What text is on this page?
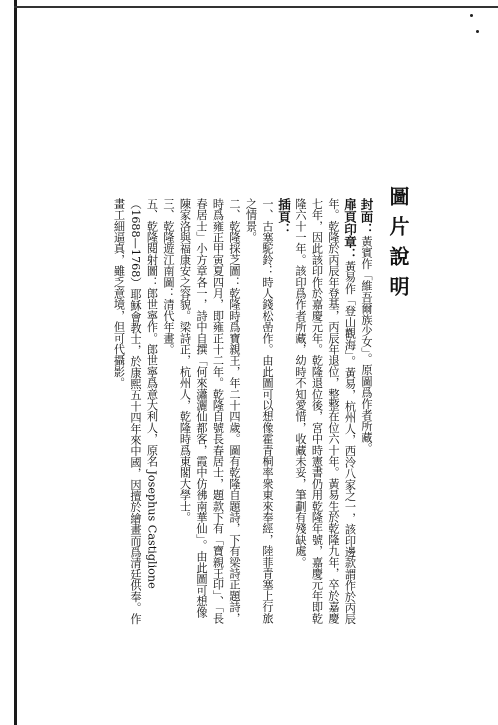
圖片說明

封面：黃賓作「維吾爾族少女」。原圖爲作者所藏。

扉頁印章：黃易作「登山觀海」。黃易，杭州人，西泠八家之一，該印邊款謂作於丙辰年。乾隆於丙辰年登基，丙辰年退位，整整在位六十年。黃易生於乾隆九年，卒於嘉慶七年，因此該印作於嘉慶元年。乾隆退位後，宮中時憲書仍用乾隆年號，嘉慶元年即乾隆六十一年。該印爲作者所藏，幼時不知愛惜，收藏未妥，筆劃有殘缺處。

插頁：

一、古塞駝鈴：時人錢松嵒作。由此圖可以想像霍青桐率衆東來奉經，陸菲青塞上行旅之情景。

二、乾隆採芝圖：乾隆時爲寶親王，年二十四歲。圖有乾隆自題詩，下有梁詩正題詩，時爲雍正甲寅夏四月，即雍正十二年。乾隆自號長春居士，題款下有「寶親王印」、「長春居士」小方章各一，詩中自撰「何來瀟灑仙都客，霞中仿彿南華仙」。由此圖可想像陳家洛與福康安之容貌。梁詩正，杭州人，乾隆時爲東閣大學士。

三、乾隆遊江南圖：清代年畫。

五、乾隆閱射圖：郎世寧作。郎世寧爲意大利人，原名 Josephus Castiglione（1688—1768）耶穌會教士，於康熙五十四年來中國，因擅於繪畫而爲清廷供奉。作畫工細逼真，雖乏意境，但可代攝影。
